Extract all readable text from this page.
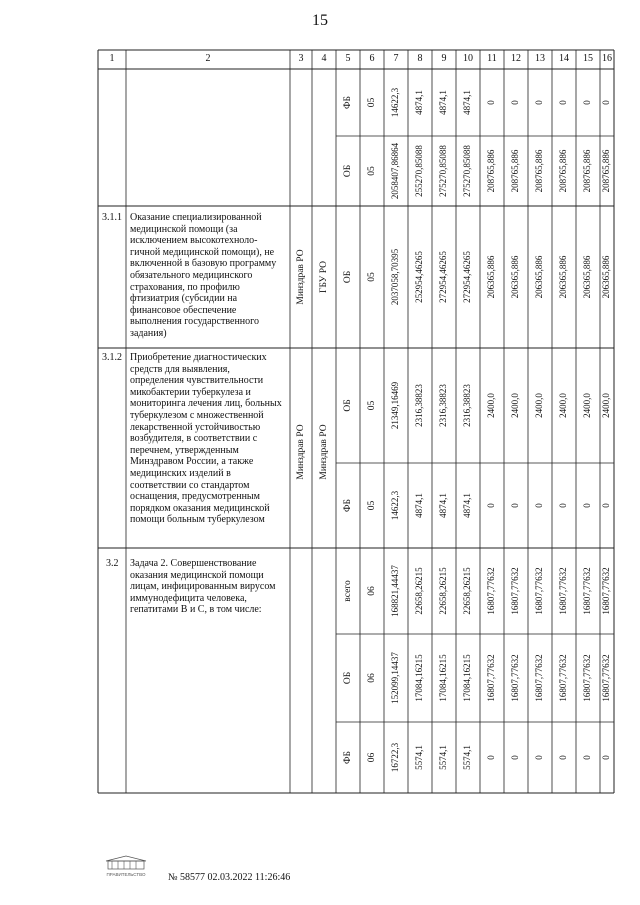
15
1	2	3 4 5 6 7 8 9 10 11 12 13 14 15 16
ФБ 05 14622,3 4874,1 4874,1 4874,1 0 0 0 0 0 0
ОБ 05 2058407,86864 255270,85088 275270,85088 275270,85088 208765,886 208765,886 208765,886 208765,886 208765,886 208765,886
ОБ 05 2037058,70395 252954,46265 272954,46265 272954,46265 206365,886 206365,886 206365,886 206365,886 206365,886 206365,886
ОБ 05 21349,16469 2316,38823 2316,38823 2316,38823 2400,0 2400,0 2400,0 2400,0 2400,0 2400,0
ФБ 05 14622,3 4874,1 4874,1 4874,1 0 0 0 0 0 0
всего 06 168821,44437 22658,26215 22658,26215 22658,26215 16807,77632 16807,77632 16807,77632 16807,77632 16807,77632 16807,77632
ОБ 06 152099,14437 17084,16215 17084,16215 17084,16215 16807,77632 16807,77632 16807,77632 16807,77632 16807,77632 16807,77632
ФБ 06 16722,3 5574,1 5574,1 5574,1 0 0 0 0 0 0
Минздрав РО ГБУ РО
Минздрав РО Минздрав РО
3.1.1 Оказание специализированной медицинской помощи (за исключением высокотехноло-гичной медицинской помощи), не включенной в базовую программу обязательного медицинского страхования, по профилю фтизиатрия (субсидии на финансовое обеспечение выполнения государственного задания)

3.1.2 Приобретение диагностических средств для выявления, определения чувствительности микобактерии туберкулеза и мониторинга лечения лиц, больных туберкулезом с множественной лекарственной устойчивостью возбудителя, в соответствии с перечнем, утвержденным Минздравом России, а также медицинских изделий в соответствии со стандартом оснащения, предусмотренным порядком оказания медицинской помощи больным туберкулезом

3.2 Задача 2. Совершенствование оказания медицинской помощи лицам, инфицированным вирусом иммунодефицита человека, гепатитами В и С, в том числе:

ПРАВИТЕЛЬСТВО № 58577 02.03.2022 11:26:46
